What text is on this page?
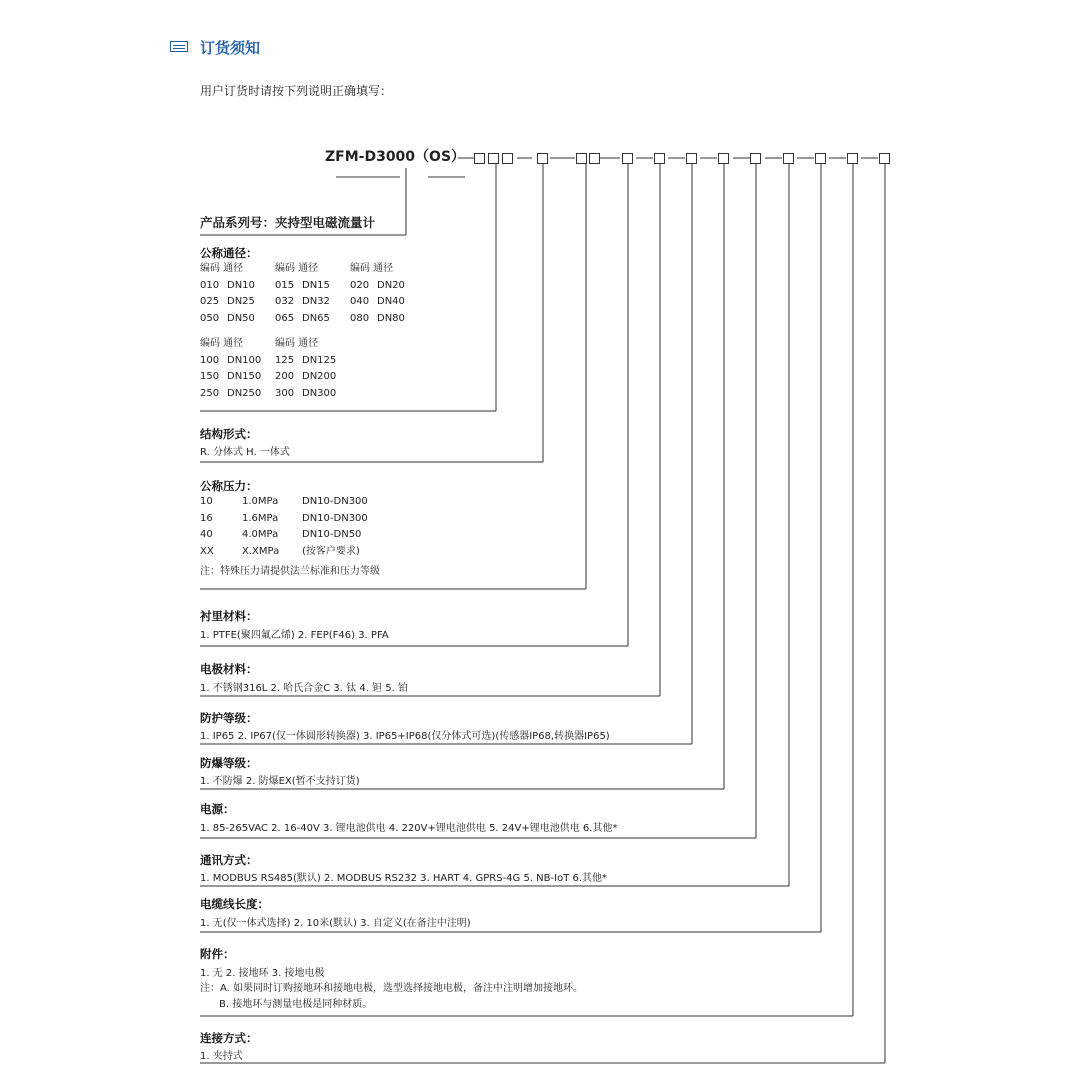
订货须知
用户订货时请按下列说明正确填写：
ZFM-D3000（OS）
产品系列号：夹持型电磁流量计
公称通径：
编码 通径		编码 通径		编码 通径	
010	DN10	015	DN15	020	DN20
025	DN25	032	DN32	040	DN40
050	DN50	065	DN65	080	DN80
编码 通径		编码 通径	
100	DN100	125	DN125
150	DN150	200	DN200
250	DN250	300	DN300
结构形式：
R. 分体式 H. 一体式
公称压力：
10	1.0MPa	DN10-DN300
16	1.6MPa	DN10-DN300
40	4.0MPa	DN10-DN50
XX	X.XMPa	(按客户要求)
注：特殊压力请提供法兰标准和压力等级
衬里材料：
1. PTFE(聚四氟乙烯) 2. FEP(F46) 3. PFA
电极材料：
1. 不锈钢316L 2. 哈氏合金C 3. 钛 4. 钽 5. 铂
防护等级：
1. IP65 2. IP67(仅一体圆形转换器) 3. IP65+IP68(仅分体式可选)(传感器IP68,转换器IP65)
防爆等级：
1. 不防爆 2. 防爆EX(暂不支持订货)
电源：
1. 85-265VAC 2. 16-40V 3. 锂电池供电 4. 220V+锂电池供电 5. 24V+锂电池供电 6.其他*
通讯方式：
1. MODBUS RS485(默认) 2. MODBUS RS232 3. HART 4. GPRS-4G 5. NB-IoT 6.其他*
电缆线长度：
1. 无(仅一体式选择) 2. 10米(默认) 3. 自定义(在备注中注明)
附件：
1. 无 2. 接地环 3. 接地电极
注：A. 如果同时订购接地环和接地电极，选型选择接地电极，备注中注明增加接地环。
B. 接地环与测量电极是同种材质。
连接方式：
1. 夹持式
